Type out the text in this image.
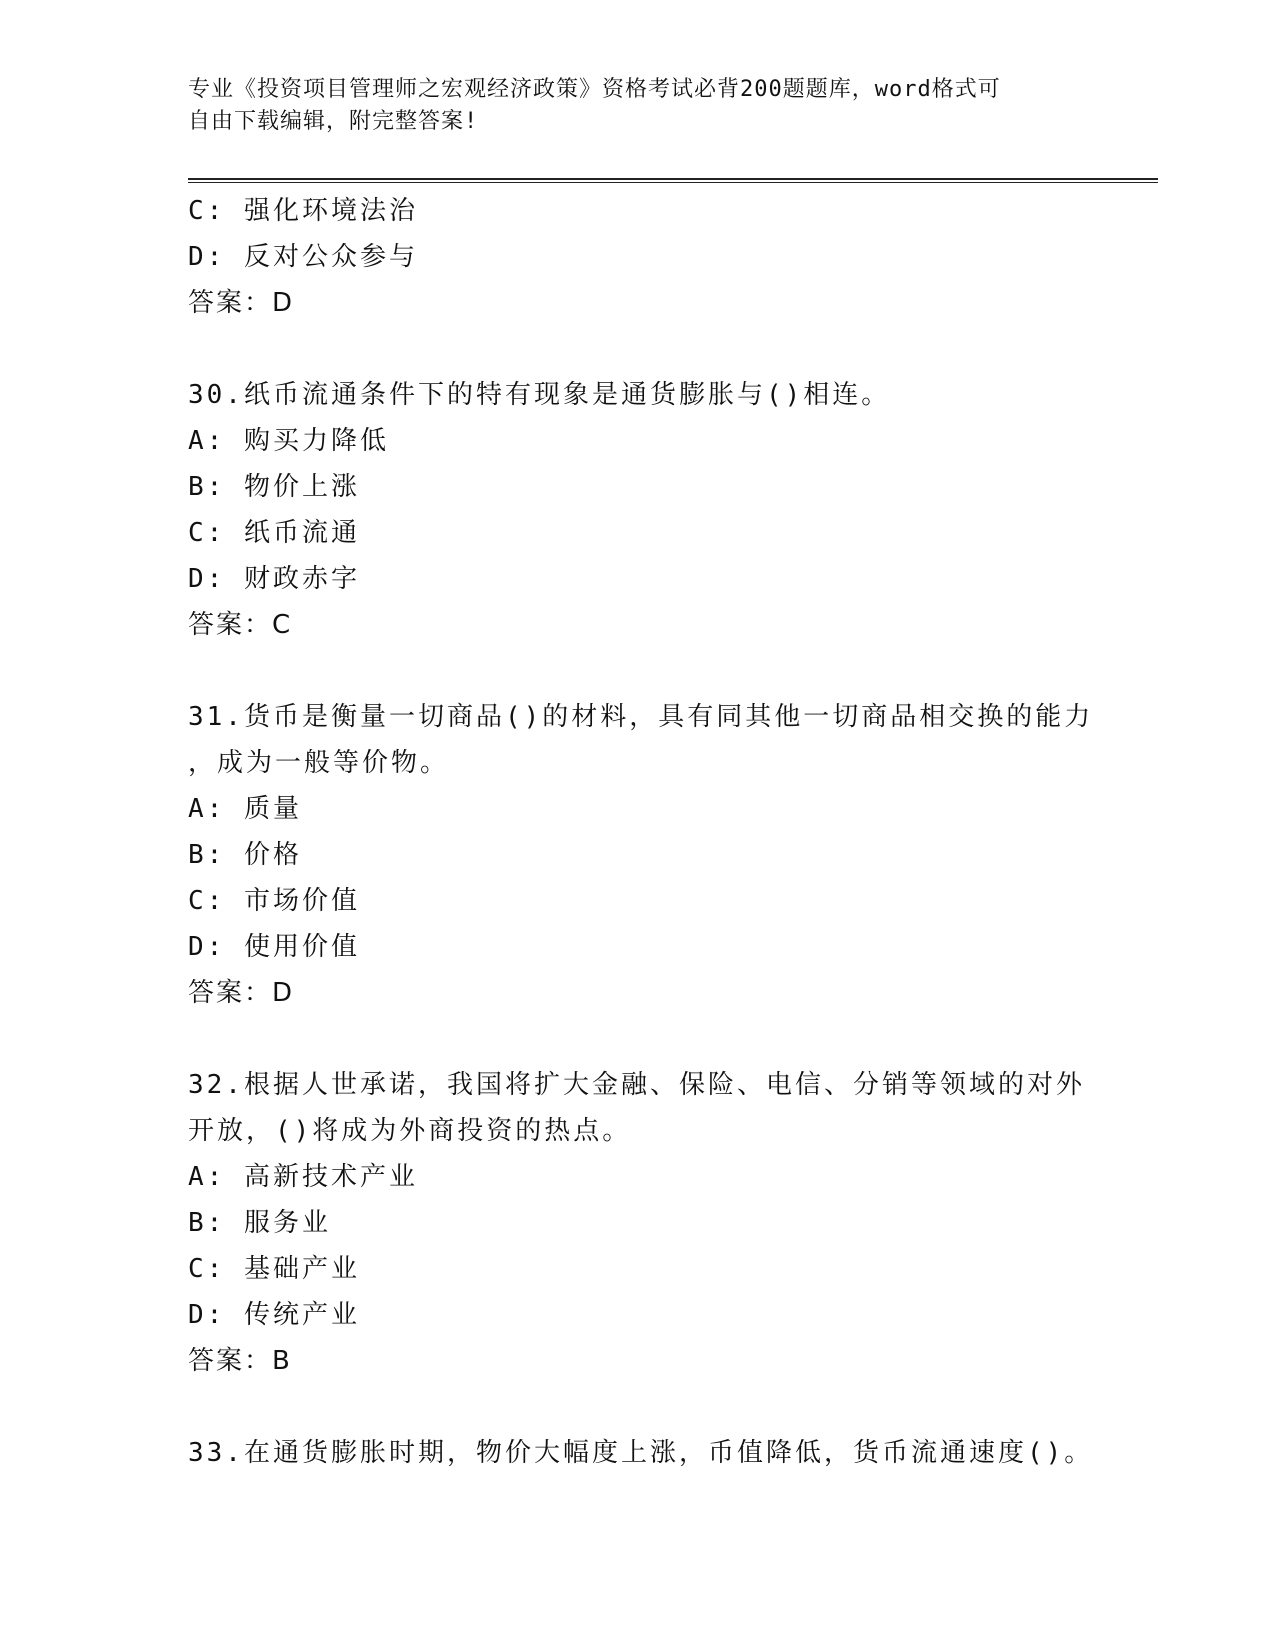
专业《投资项目管理师之宏观经济政策》资格考试必背200题题库，word格式可
自由下载编辑，附完整答案!
C: 强化环境法治
D: 反对公众参与
答案：D
30.纸币流通条件下的特有现象是通货膨胀与()相连。
A: 购买力降低
B: 物价上涨
C: 纸币流通
D: 财政赤字
答案：C
31.货币是衡量一切商品()的材料，具有同其他一切商品相交换的能力
，成为一般等价物。
A: 质量
B: 价格
C: 市场价值
D: 使用价值
答案：D
32.根据人世承诺，我国将扩大金融、保险、电信、分销等领域的对外
开放，()将成为外商投资的热点。
A: 高新技术产业
B: 服务业
C: 基础产业
D: 传统产业
答案：B
33.在通货膨胀时期，物价大幅度上涨，币值降低，货币流通速度()。
